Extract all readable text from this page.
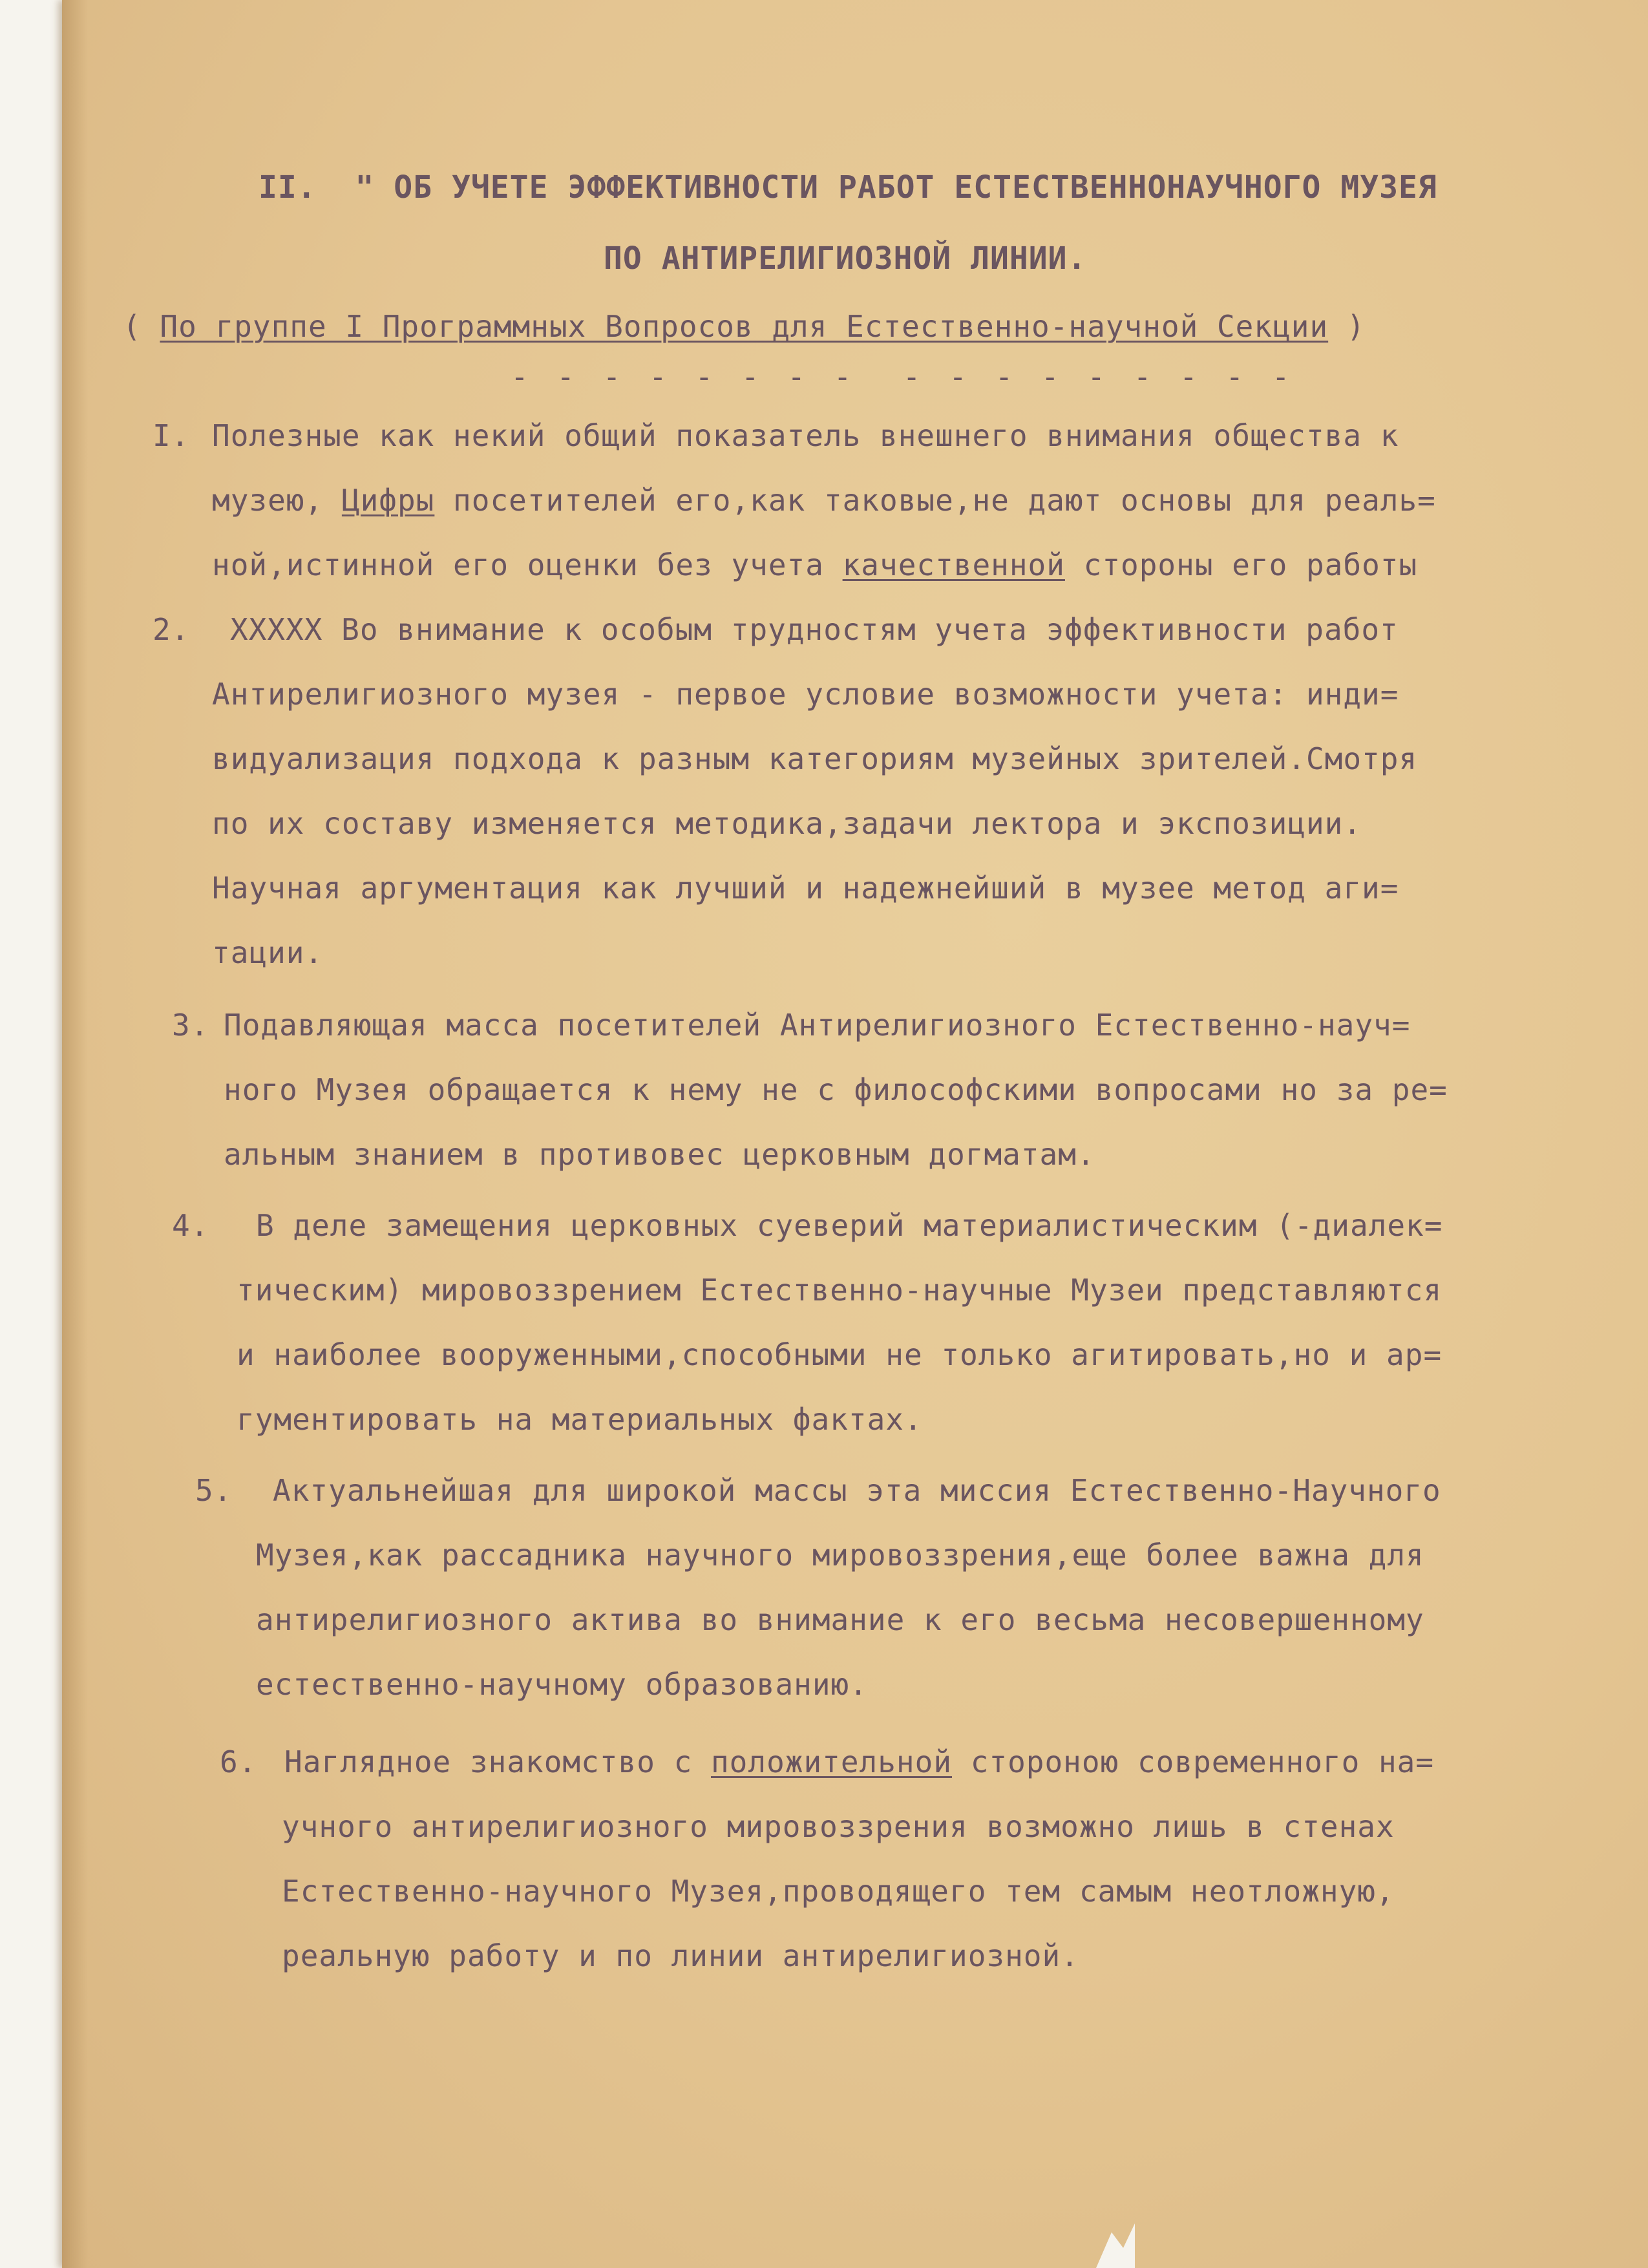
II.  " ОБ УЧЕТЕ ЭФФЕКТИВНОСТИ РАБОТ ЕСТЕСТВЕННОНАУЧНОГО МУЗЕЯ

ПО АНТИРЕЛИГИОЗНОЙ ЛИНИИ.

( По группе I Программных Вопросов для Естественно-научной Секции )

- - - - - - - -  - - - - - - - - -

I. Полезные как некий общий показатель внешнего внимания общества к

музею, Цифры посетителей его,как таковые,не дают основы для реаль=

ной,истинной его оценки без учета качественной стороны его работы

2. ХХХХХ Во внимание к особым трудностям учета эффективности работ

Антирелигиозного музея - первое условие возможности учета: инди=

видуализация подхода к разным категориям музейных зрителей.Смотря

по их составу изменяется методика,задачи лектора и экспозиции.

Научная аргументация как лучший и надежнейший в музее метод аги=

тации.

3. Подавляющая масса посетителей Антирелигиозного Естественно-науч=

ного Музея обращается к нему не с философскими вопросами но за ре=

альным знанием в противовес церковным догматам.

4. В деле замещения церковных суеверий материалистическим (-диалек=

тическим) мировоззрением Естественно-научные Музеи представляются

и наиболее вооруженными,способными не только агитировать,но и ар=

гументировать на материальных фактах.

5. Актуальнейшая для широкой массы эта миссия Естественно-Научного

Музея,как рассадника научного мировоззрения,еще более важна для

антирелигиозного актива во внимание к его весьма несовершенному

естественно-научному образованию.

6. Наглядное знакомство с положительной стороною современного на=

учного антирелигиозного мировоззрения возможно лишь в стенах

Естественно-научного Музея,проводящего тем самым неотложную,

реальную работу и по линии антирелигиозной.
